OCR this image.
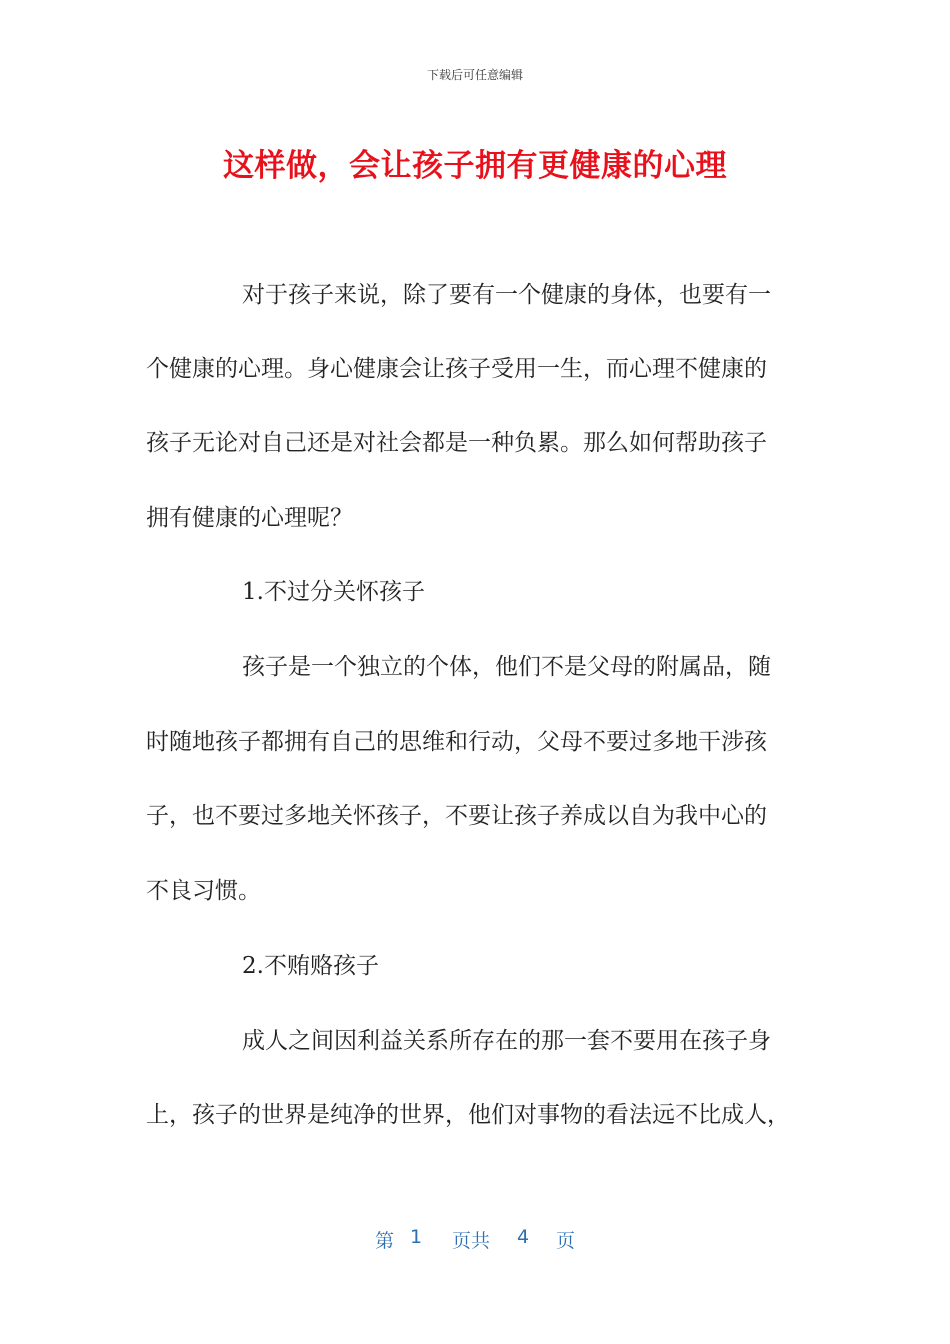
下载后可任意编辑
这样做，会让孩子拥有更健康的心理
对于孩子来说，除了要有一个健康的身体，也要有一
个健康的心理。身心健康会让孩子受用一生，而心理不健康的
孩子无论对自己还是对社会都是一种负累。那么如何帮助孩子
拥有健康的心理呢？
1.不过分关怀孩子
孩子是一个独立的个体，他们不是父母的附属品，随
时随地孩子都拥有自己的思维和行动，父母不要过多地干涉孩
子，也不要过多地关怀孩子，不要让孩子养成以自为我中心的
不良习惯。
2.不贿赂孩子
成人之间因利益关系所存在的那一套不要用在孩子身
上，孩子的世界是纯净的世界，他们对事物的看法远不比成人，
第 1 页共 4 页
